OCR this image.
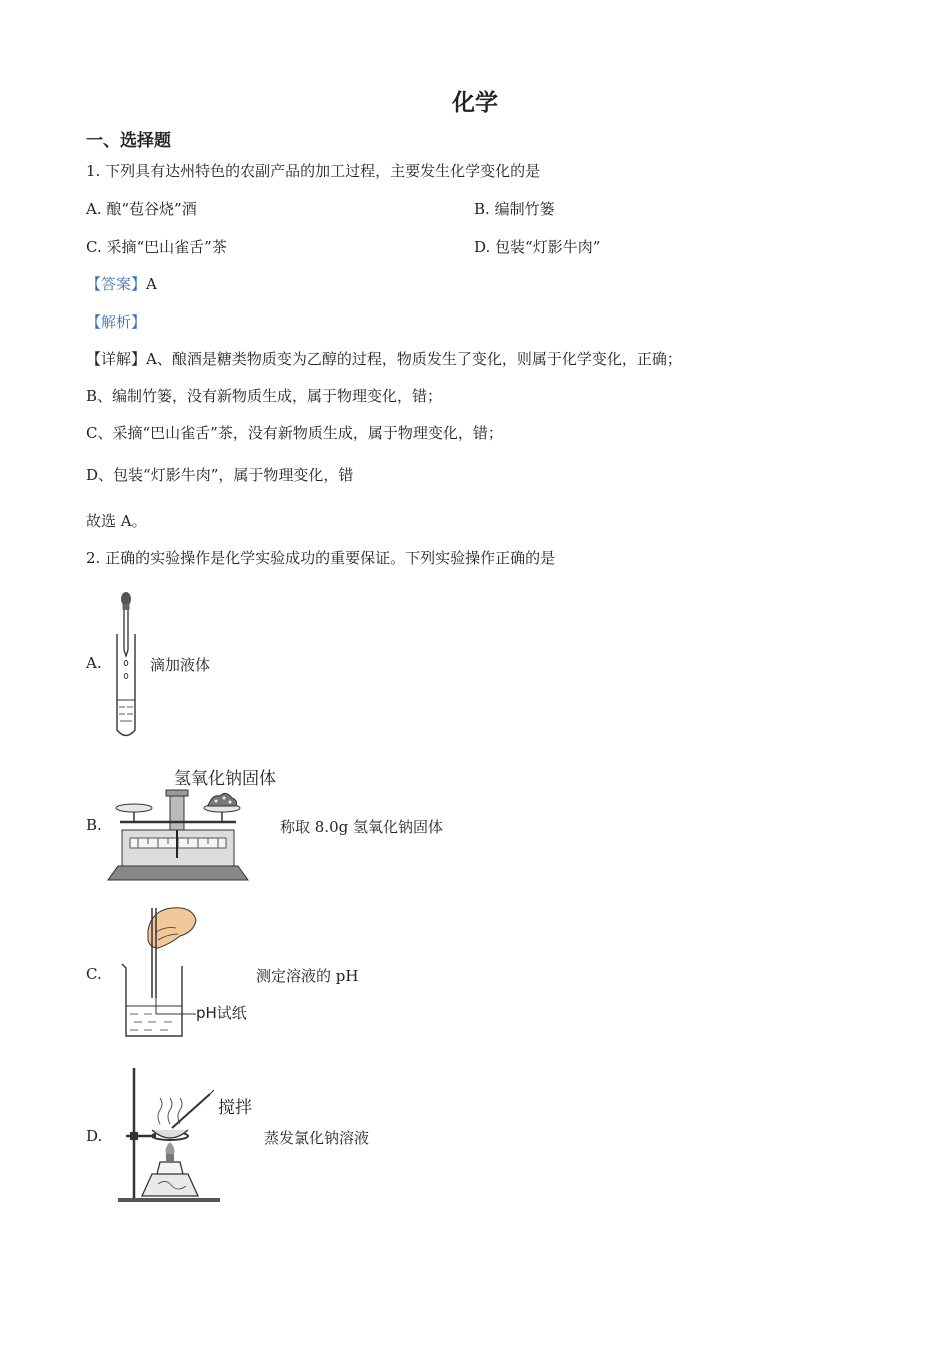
化学
一、选择题
1. 下列具有达州特色的农副产品的加工过程，主要发生化学变化的是
A. 酿“苞谷烧”酒	B. 编制竹篓
C. 采摘“巴山雀舌”茶	D. 包装“灯影牛肉”
【答案】A
【解析】
【详解】A、酿酒是糖类物质变为乙醇的过程，物质发生了变化，则属于化学变化，正确；
B、编制竹篓，没有新物质生成，属于物理变化，错；
C、采摘“巴山雀舌”茶，没有新物质生成，属于物理变化，错；
D、包装“灯影牛肉”，属于物理变化，错
故选 A。
2. 正确的实验操作是化学实验成功的重要保证。下列实验操作正确的是
A.	滴加液体
氢氧化钠固体
B.	称取 8.0g 氢氧化钠固体
C.
pH试纸
测定溶液的 pH
D.
搅拌
蒸发氯化钠溶液
